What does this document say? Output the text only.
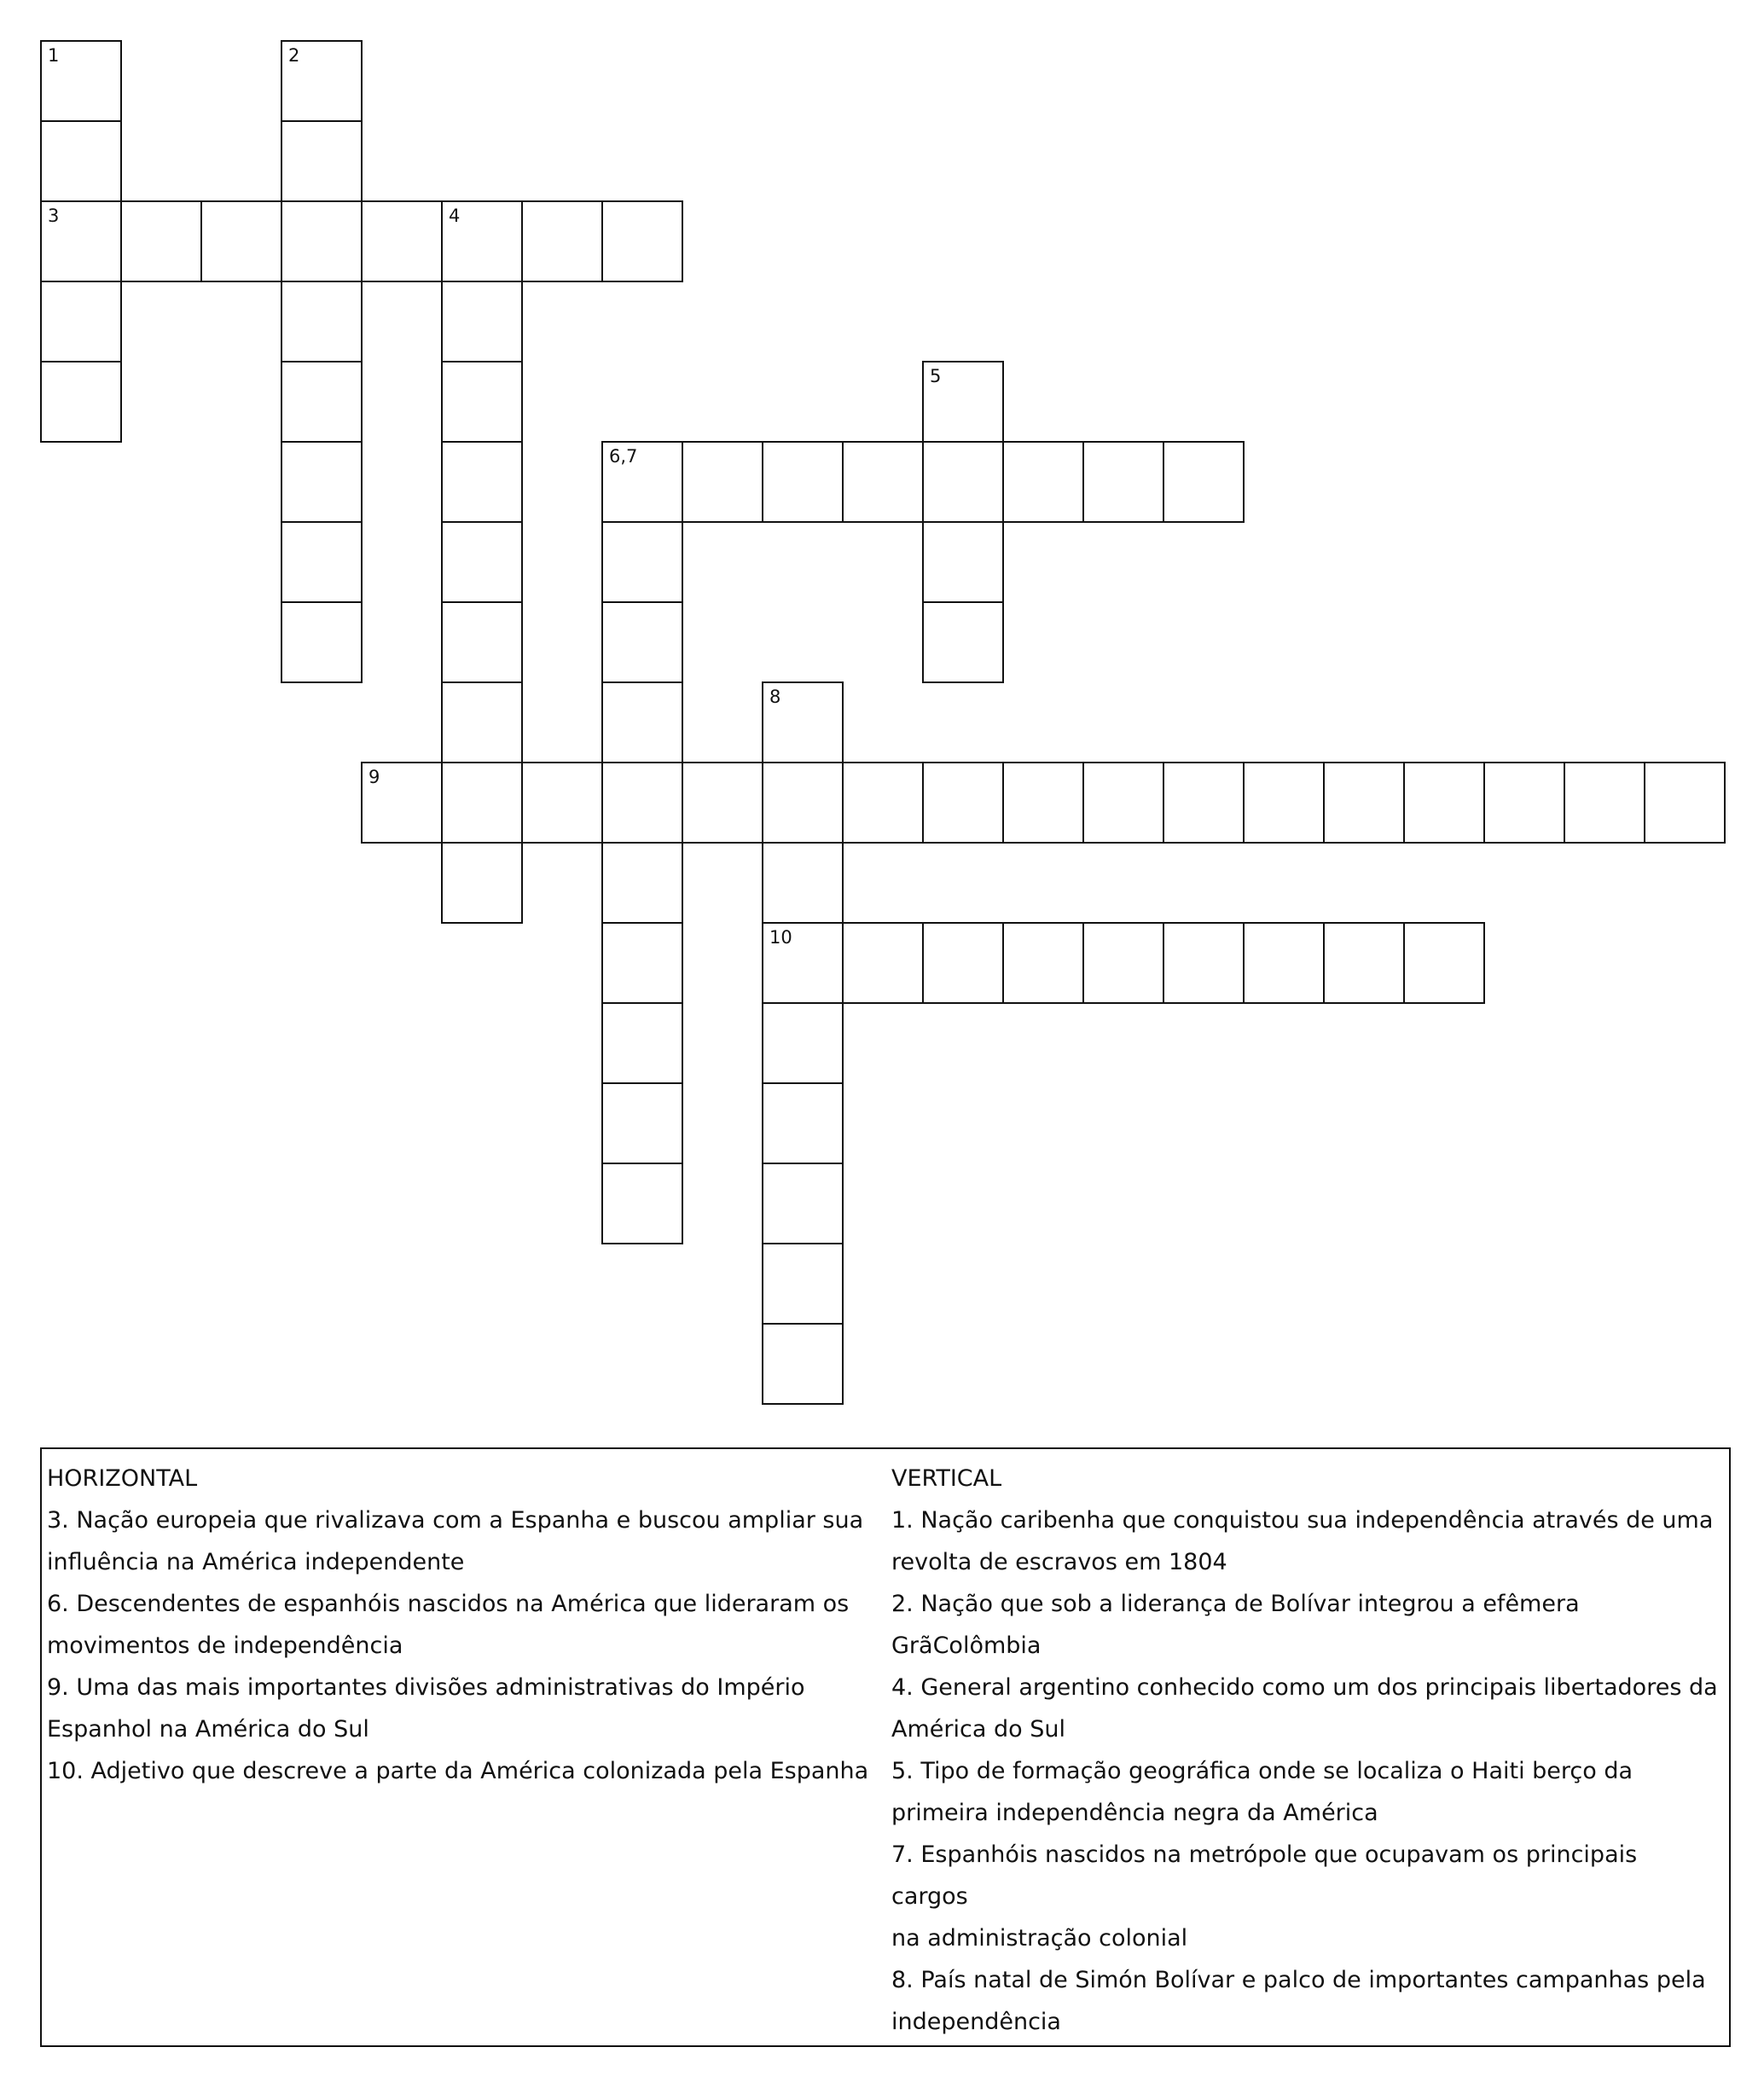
1	2
3	4
5
6,7
8
9
10

HORIZONTAL

3. Nação europeia que rivalizava com a Espanha e buscou ampliar sua

influência na América independente

6. Descendentes de espanhóis nascidos na América que lideraram os

movimentos de independência

9. Uma das mais importantes divisões administrativas do Império

Espanhol na América do Sul

10. Adjetivo que descreve a parte da América colonizada pela Espanha

VERTICAL

1. Nação caribenha que conquistou sua independência através de uma

revolta de escravos em 1804

2. Nação que sob a liderança de Bolívar integrou a efêmera

GrãColômbia

4. General argentino conhecido como um dos principais libertadores da

América do Sul

5. Tipo de formação geográfica onde se localiza o Haiti berço da

primeira independência negra da América

7. Espanhóis nascidos na metrópole que ocupavam os principais cargos

na administração colonial

8. País natal de Simón Bolívar e palco de importantes campanhas pela

independência
